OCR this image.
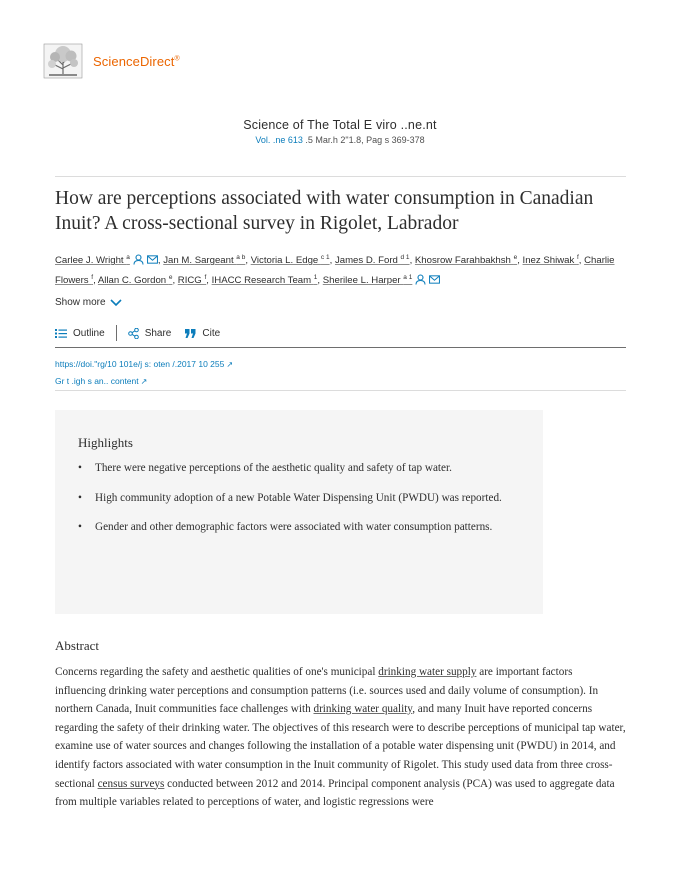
ScienceDirect®
Science of The Total E viro ..ne.nt
Vol. .ne 613 .5 Mar.h 2"1.8, Pag s 369-378
How are perceptions associated with water consumption in Canadian Inuit? A cross-sectional survey in Rigolet, Labrador
Carlee J. Wright $^a$	, Jan M. Sargeant $^{a b}$, Victoria L. Edge $^{c 1}$, James D. Ford $^{d 1}$, Khosrow Farahbakhsh $^e$, Inez Shiwak $^f$, Charlie Flowers $^f$, Allan C. Gordon $^e$, RICG $^f$, IHACC Research Team $^1$, Sherilee L. Harper $^{a 1}$
Show more
Outline	Share	Cite
https://doi."rg/10 101e/j s: oten /.2017 10 255 ↗
Gr t .igh s an.. content ↗
Highlights
• There were negative perceptions of the aesthetic quality and safety of tap water.
• High community adoption of a new Potable Water Dispensing Unit (PWDU) was reported.
• Gender and other demographic factors were associated with water consumption patterns.
Abstract

Concerns regarding the safety and aesthetic qualities of one's municipal drinking water supply are important factors influencing drinking water perceptions and consumption patterns (i.e. sources used and daily volume of consumption). In northern Canada, Inuit communities face challenges with drinking water quality, and many Inuit have reported concerns regarding the safety of their drinking water. The objectives of this research were to describe perceptions of municipal tap water, examine use of water sources and changes following the installation of a potable water dispensing unit (PWDU) in 2014, and identify factors associated with water consumption in the Inuit community of Rigolet. This study used data from three cross-sectional census surveys conducted between 2012 and 2014. Principal component analysis (PCA) was used to aggregate data from multiple variables related to perceptions of water, and logistic regressions were
